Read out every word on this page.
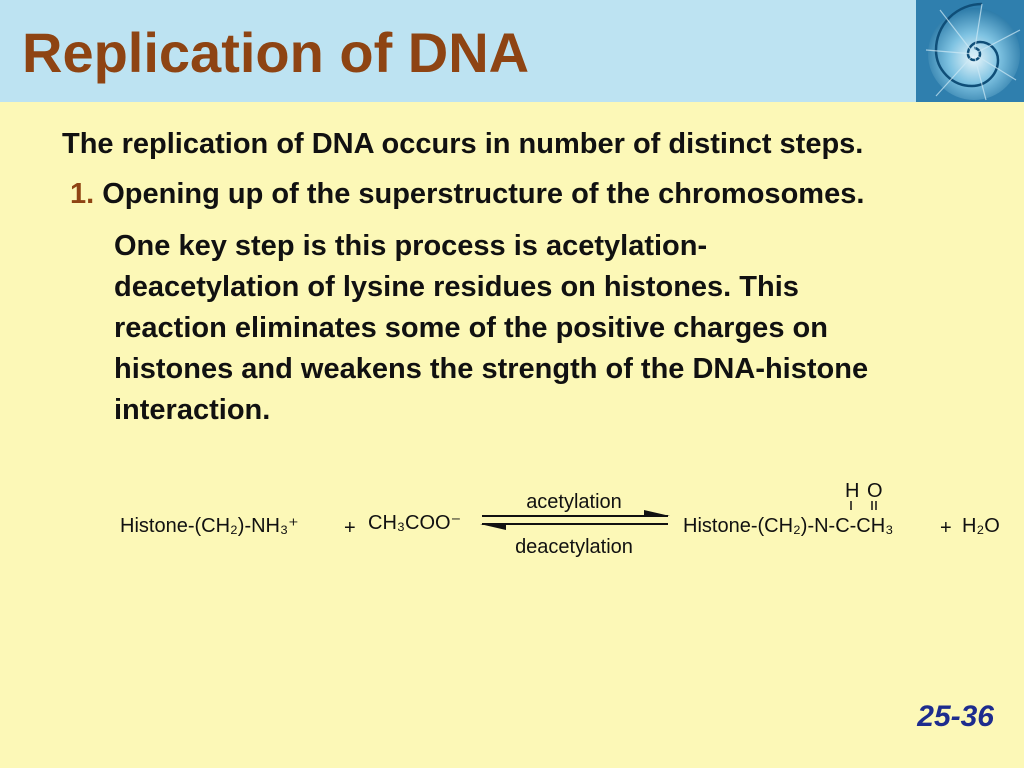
Replication of DNA
The replication of DNA occurs in number of distinct steps.
1. Opening up of the superstructure of the chromosomes.
One key step is this process is acetylation-
deacetylation of lysine residues on histones. This
reaction eliminates some of the positive charges on
histones and weakens the strength of the DNA-histone
interaction.
Histone-(CH₂)-NH₃⁺ + CH₃COO⁻
acetylation
deacetylation
H O
Histone-(CH₂)-N-C-CH₃ + H₂O
25-36
